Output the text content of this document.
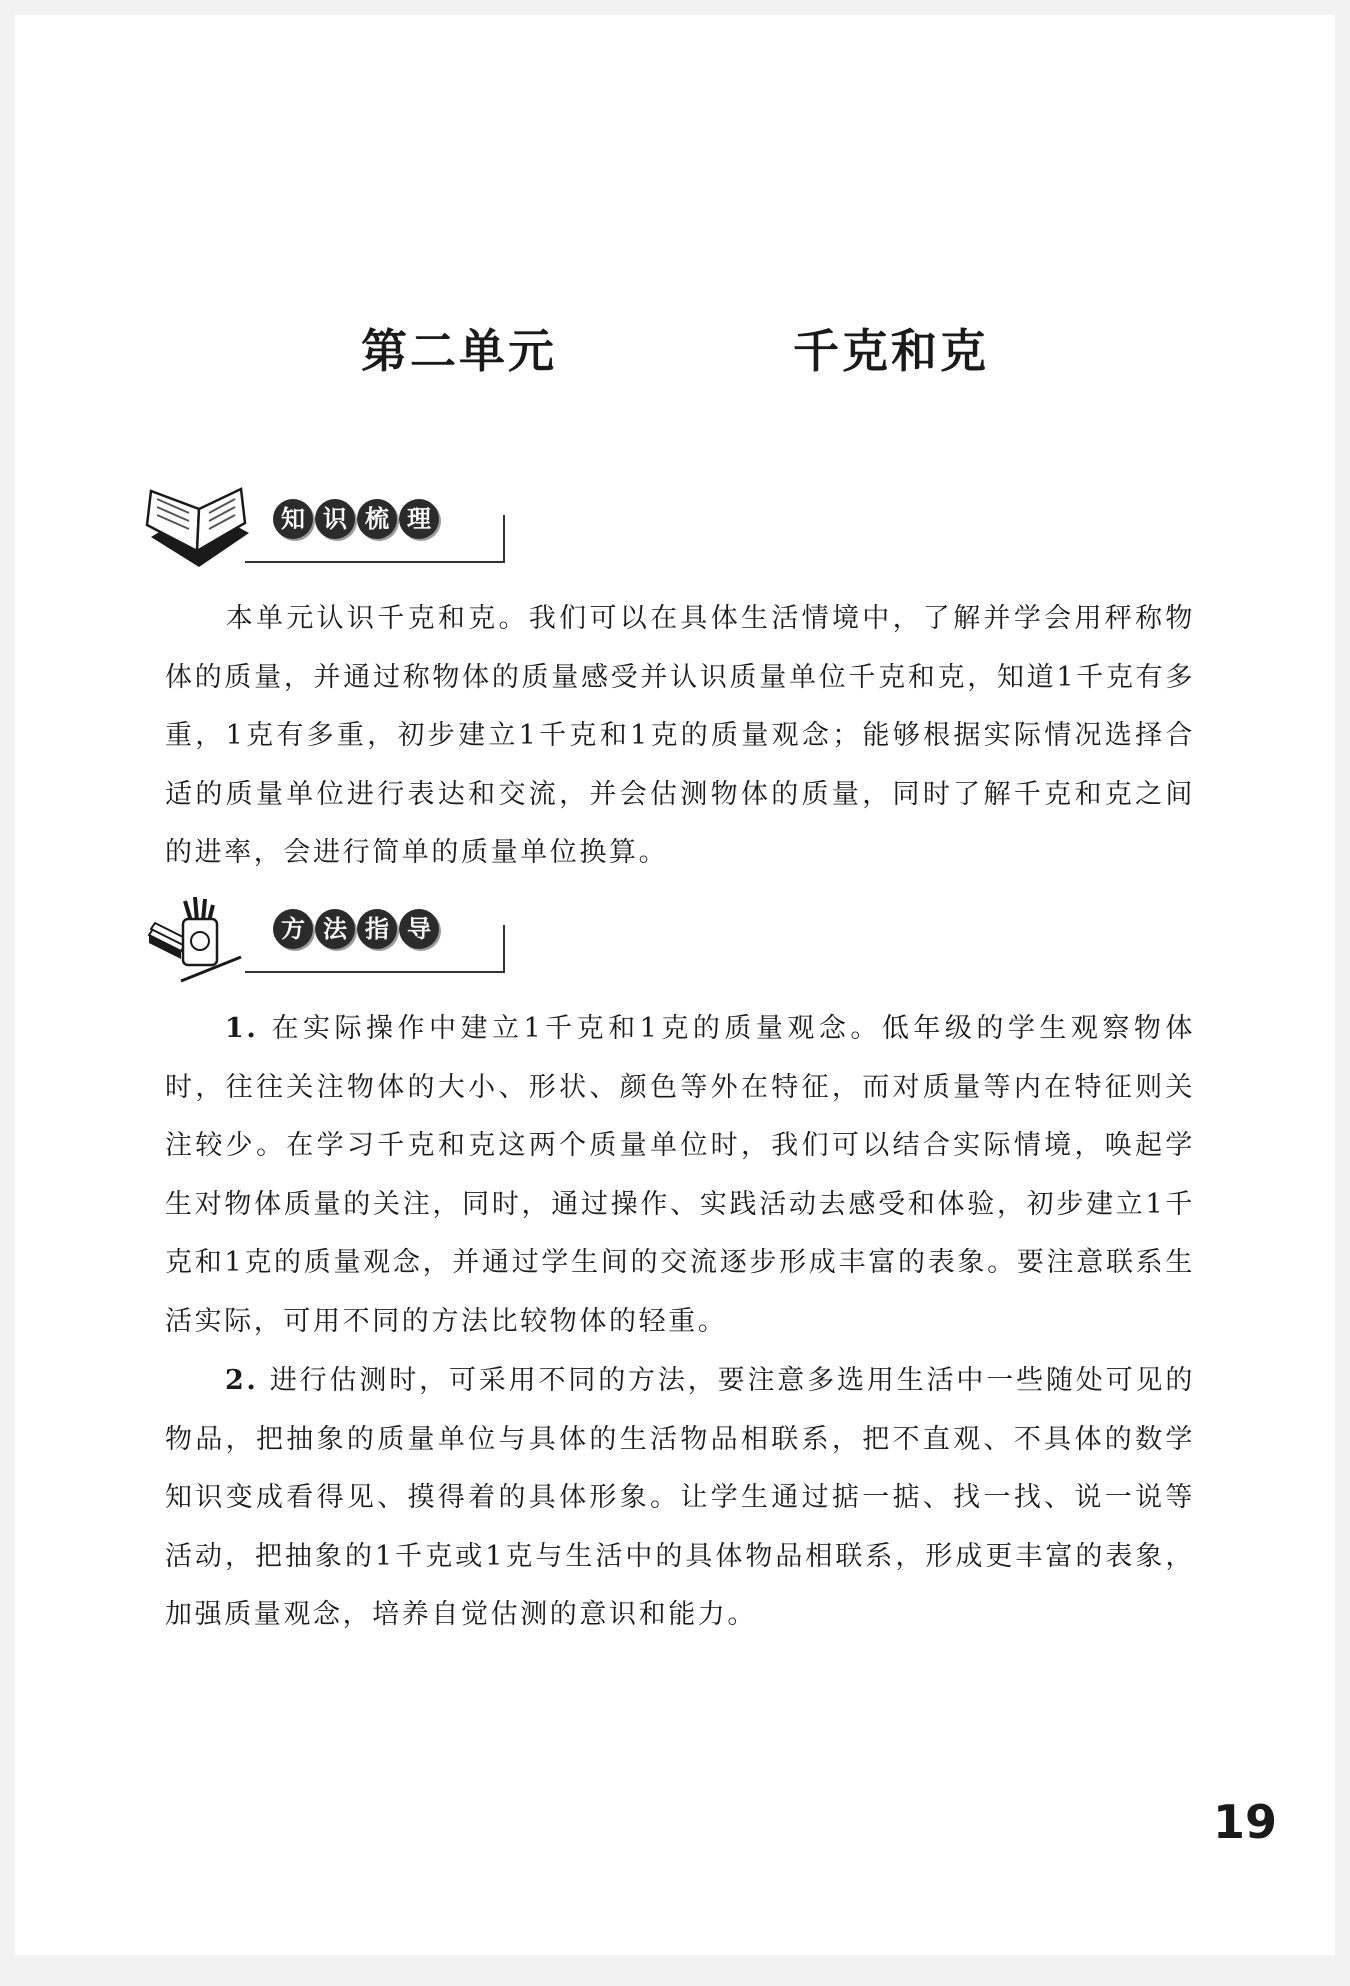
第二单元    千克和克
知 识 梳 理

本单元认识千克和克。我们可以在具体生活情境中，了解并学会用秤称物体的质量，并通过称物体的质量感受并认识质量单位千克和克，知道1千克有多重，1克有多重，初步建立1千克和1克的质量观念；能够根据实际情况选择合适的质量单位进行表达和交流，并会估测物体的质量，同时了解千克和克之间的进率，会进行简单的质量单位换算。

方 法 指 导

1. 在实际操作中建立1千克和1克的质量观念。低年级的学生观察物体时，往往关注物体的大小、形状、颜色等外在特征，而对质量等内在特征则关注较少。在学习千克和克这两个质量单位时，我们可以结合实际情境，唤起学生对物体质量的关注，同时，通过操作、实践活动去感受和体验，初步建立1千克和1克的质量观念，并通过学生间的交流逐步形成丰富的表象。要注意联系生活实际，可用不同的方法比较物体的轻重。

2. 进行估测时，可采用不同的方法，要注意多选用生活中一些随处可见的物品，把抽象的质量单位与具体的生活物品相联系，把不直观、不具体的数学知识变成看得见、摸得着的具体形象。让学生通过掂一掂、找一找、说一说等活动，把抽象的1千克或1克与生活中的具体物品相联系，形成更丰富的表象，加强质量观念，培养自觉估测的意识和能力。

19
